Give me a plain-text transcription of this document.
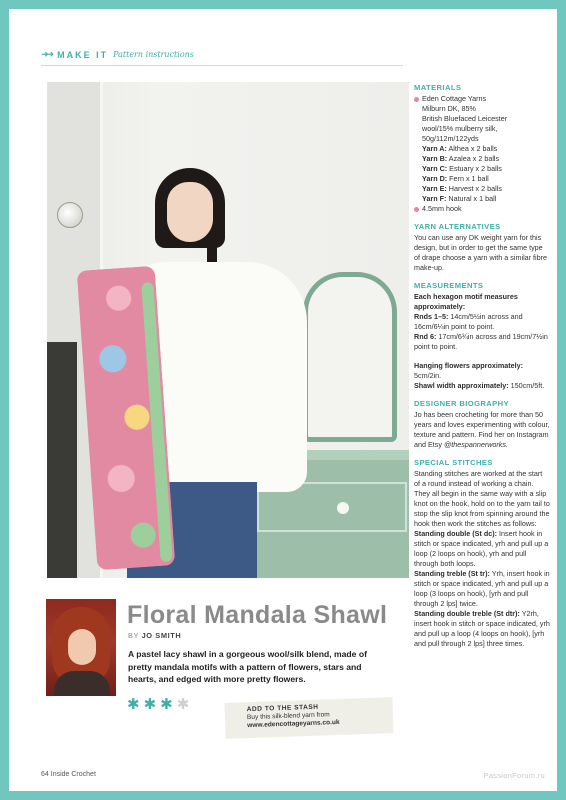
➜➜ MAKE IT Pattern instructions
MATERIALS

Eden Cottage Yarns

Milburn DK, 85%

British Bluefaced Leicester

wool/15% mulberry silk,

50g/112m/122yds

Yarn A: Althea x 2 balls

Yarn B: Azalea x 2 balls

Yarn C: Estuary x 2 balls

Yarn D: Fern x 1 ball

Yarn E: Harvest x 2 balls

Yarn F: Natural x 1 ball

4.5mm hook

YARN ALTERNATIVES

You can use any DK weight yarn for this design, but in order to get the same type of drape choose a yarn with a similar fibre make-up.

MEASUREMENTS

Each hexagon motif measures approximately:

Rnds 1–5: 14cm/5½in across and 16cm/6¼in point to point.

Rnd 6: 17cm/6¾in across and 19cm/7½in point to point.

Hanging flowers approximately: 5cm/2in.

Shawl width approximately: 150cm/5ft.

DESIGNER BIOGRAPHY

Jo has been crocheting for more than 50 years and loves experimenting with colour, texture and pattern. Find her on Instagram and Etsy @thespannerworks.

SPECIAL STITCHES

Standing stitches are worked at the start of a round instead of working a chain. They all begin in the same way with a slip knot on the hook, hold on to the yarn tail to stop the slip knot from spinning around the hook then work the stitches as follows:

Standing double (St dc): Insert hook in stitch or space indicated, yrh and pull up a loop (2 loops on hook), yrh and pull through both loops.

Standing treble (St tr): Yrh, insert hook in stitch or space indicated, yrh and pull up a loop (3 loops on hook), [yrh and pull through 2 lps] twice.

Standing double treble (St dtr): Y2rh, insert hook in stitch or space indicated, yrh and pull up a loop (4 loops on hook), [yrh and pull through 2 lps] three times.

Floral Mandala Shawl
BY JO SMITH
A pastel lacy shawl in a gorgeous wool/silk blend, made of pretty mandala motifs with a pattern of flowers, stars and hearts, and edged with more pretty flowers.
✱ ✱ ✱ ✱	ADD TO THE STASH
Buy this silk-blend yarn from
www.edencottageyarns.co.uk
64 Inside Crochet	PassionForum.ru
